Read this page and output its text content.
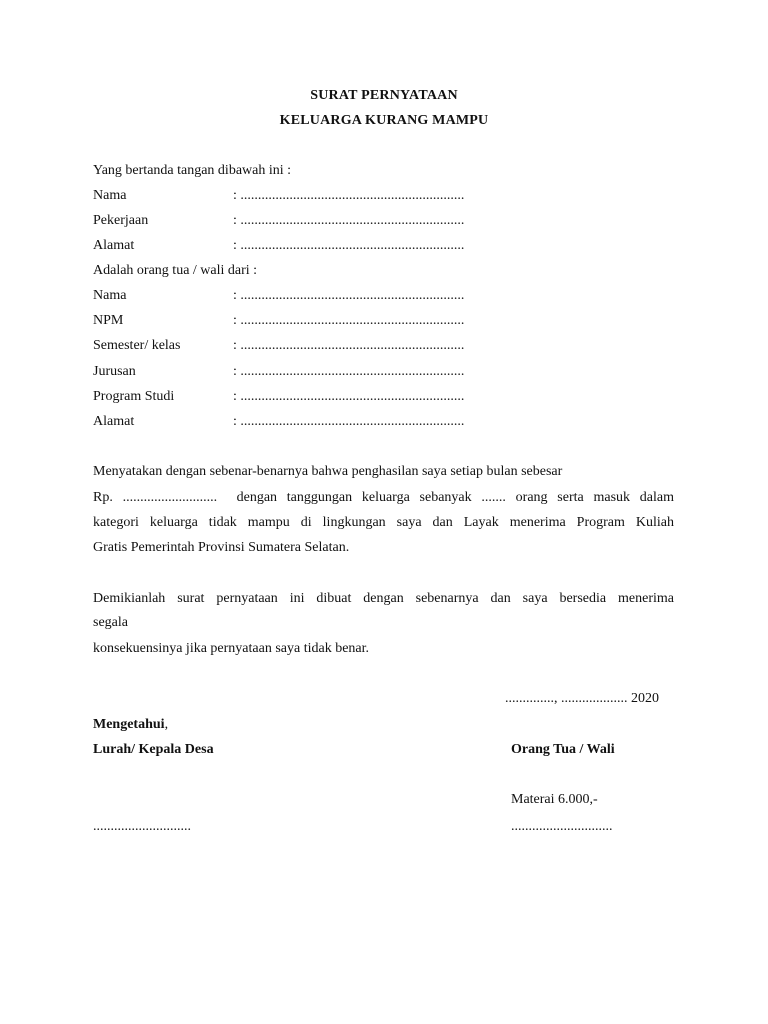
SURAT PERNYATAAN
KELUARGA KURANG MAMPU
Yang bertanda tangan dibawah ini :
Nama	: ................................................................
Pekerjaan	: ................................................................
Alamat	: ................................................................
Adalah orang tua / wali dari :
Nama	: ................................................................
NPM	: ................................................................
Semester/ kelas	: ................................................................
Jurusan	: ................................................................
Program Studi	: ................................................................
Alamat	: ................................................................
Menyatakan dengan sebenar-benarnya bahwa penghasilan saya setiap bulan sebesar
Rp. ...........................  dengan tanggungan keluarga sebanyak ....... orang serta masuk dalam
kategori keluarga tidak mampu di lingkungan saya dan Layak menerima Program Kuliah
Gratis Pemerintah Provinsi Sumatera Selatan.
Demikianlah surat pernyataan ini dibuat dengan sebenarnya dan saya bersedia menerima
segala
konsekuensinya jika pernyataan saya tidak benar.
.............., ................... 2020
Mengetahui,
Lurah/ Kepala Desa	Orang Tua / Wali
Materai 6.000,-
............................	.............................
